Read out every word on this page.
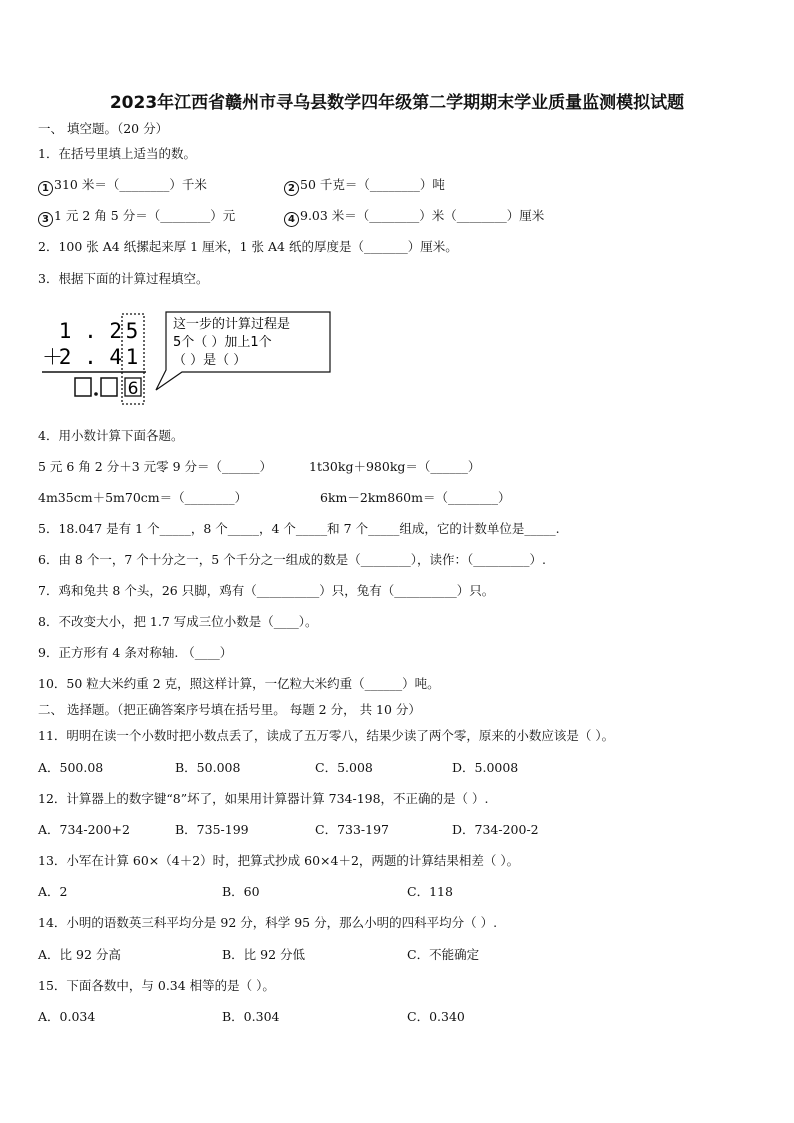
2023年江西省赣州市寻乌县数学四年级第二学期期末学业质量监测模拟试题
一、 填空题。（20 分）
1．在括号里填上适当的数。
1 310 米＝（________）千米	2 50 千克＝（________）吨
3 1 元 2 角 5 分＝（________）元	4 9.03 米＝（________）米（________）厘米
2．100 张 A4 纸摞起来厚 1 厘米，1 张 A4 纸的厚度是（_______）厘米。
3．根据下面的计算过程填空。
1 . 2 5
＋
2 . 4 1
6
这一步的计算过程是
5个（ ）加上1个
（ ）是（ ）
4．用小数计算下面各题。
5 元 6 角 2 分＋3 元零 9 分＝（______）	1t30kg＋980kg＝（______）
4m35cm＋5m70cm＝（________）	6km－2km860m＝（________）
5．18.047 是有 1 个_____，8 个_____，4 个_____和 7 个_____组成，它的计数单位是_____.
6．由 8 个一，7 个十分之一，5 个千分之一组成的数是（________），读作：（_________）.
7．鸡和兔共 8 个头，26 只脚，鸡有（__________）只，兔有（__________）只。
8．不改变大小，把 1.7 写成三位小数是（____）。
9．正方形有 4 条对称轴. （____）
10．50 粒大米约重 2 克，照这样计算，一亿粒大米约重（______）吨。
二、 选择题。（把正确答案序号填在括号里。 每题 2 分， 共 10 分）
11．明明在读一个小数时把小数点丢了，读成了五万零八，结果少读了两个零，原来的小数应该是（ ）。
A．500.08	B．50.008	C．5.008	D．5.0008
12．计算器上的数字键“8”坏了，如果用计算器计算 734-198，不正确的是（ ）.
A．734-200+2	B．735-199	C．733-197	D．734-200-2
13．小军在计算 60×（4＋2）时，把算式抄成 60×4＋2，两题的计算结果相差（ ）。
A．2	B．60	C．118
14．小明的语数英三科平均分是 92 分，科学 95 分，那么小明的四科平均分（ ）.
A．比 92 分高	B．比 92 分低	C．不能确定
15．下面各数中，与 0.34 相等的是（ ）。
A．0.034	B．0.304	C．0.340
